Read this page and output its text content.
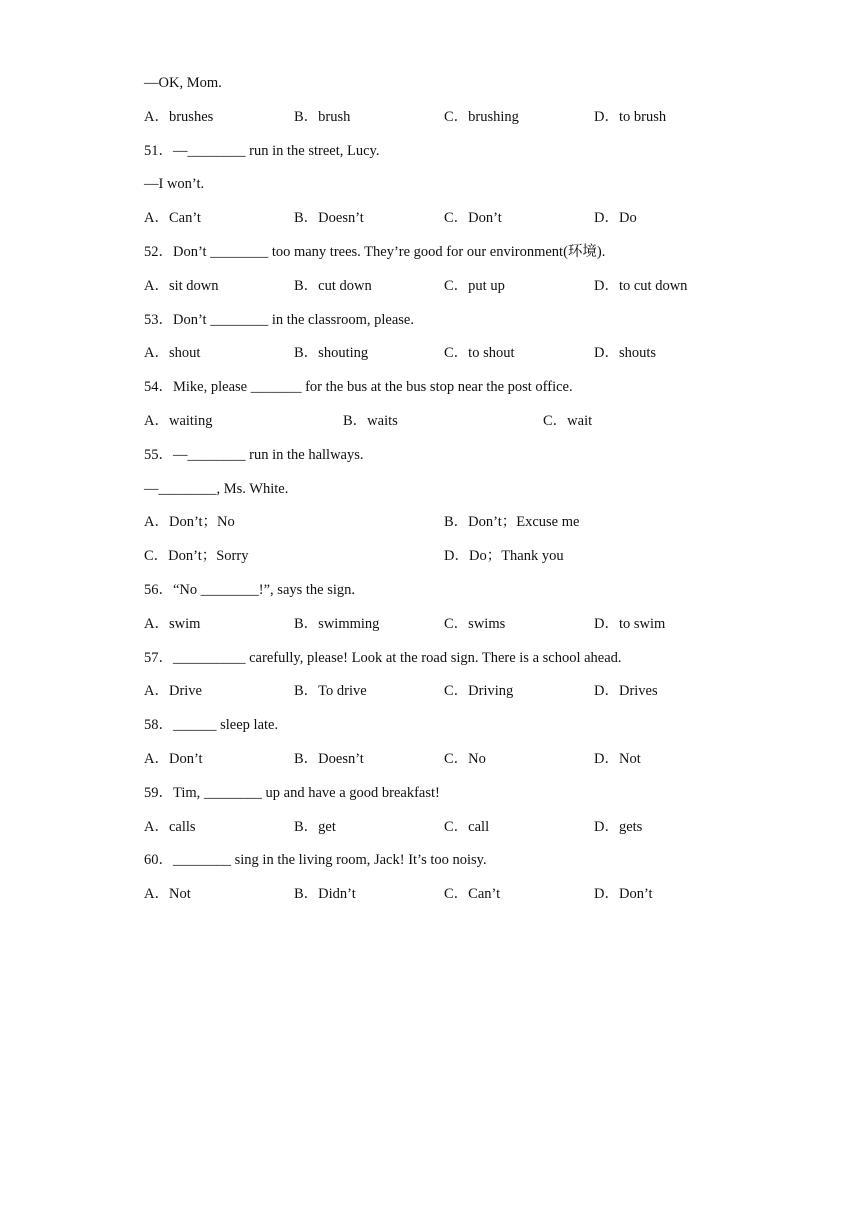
—OK, Mom.
A．brushes	B．brush	C．brushing	D．to brush
51．—________ run in the street, Lucy.
—I won’t.
A．Can’t	B．Doesn’t	C．Don’t	D．Do
52．Don’t ________ too many trees. They’re good for our environment(环境).
A．sit down	B．cut down	C．put up	D．to cut down
53．Don’t ________ in the classroom, please.
A．shout	B．shouting	C．to shout	D．shouts
54．Mike, please _______ for the bus at the bus stop near the post office.
A．waiting	B．waits	C．wait
55．—________ run in the hallways.
—________, Ms. White.
A．Don’t；No	B．Don’t；Excuse me
C．Don’t；Sorry	D．Do；Thank you
56．“No ________!”, says the sign.
A．swim	B．swimming	C．swims	D．to swim
57．__________ carefully, please! Look at the road sign. There is a school ahead.
A．Drive	B．To drive	C．Driving	D．Drives
58．______ sleep late.
A．Don’t	B．Doesn’t	C．No	D．Not
59．Tim, ________ up and have a good breakfast!
A．calls	B．get	C．call	D．gets
60．________ sing in the living room, Jack! It’s too noisy.
A．Not	B．Didn’t	C．Can’t	D．Don’t
